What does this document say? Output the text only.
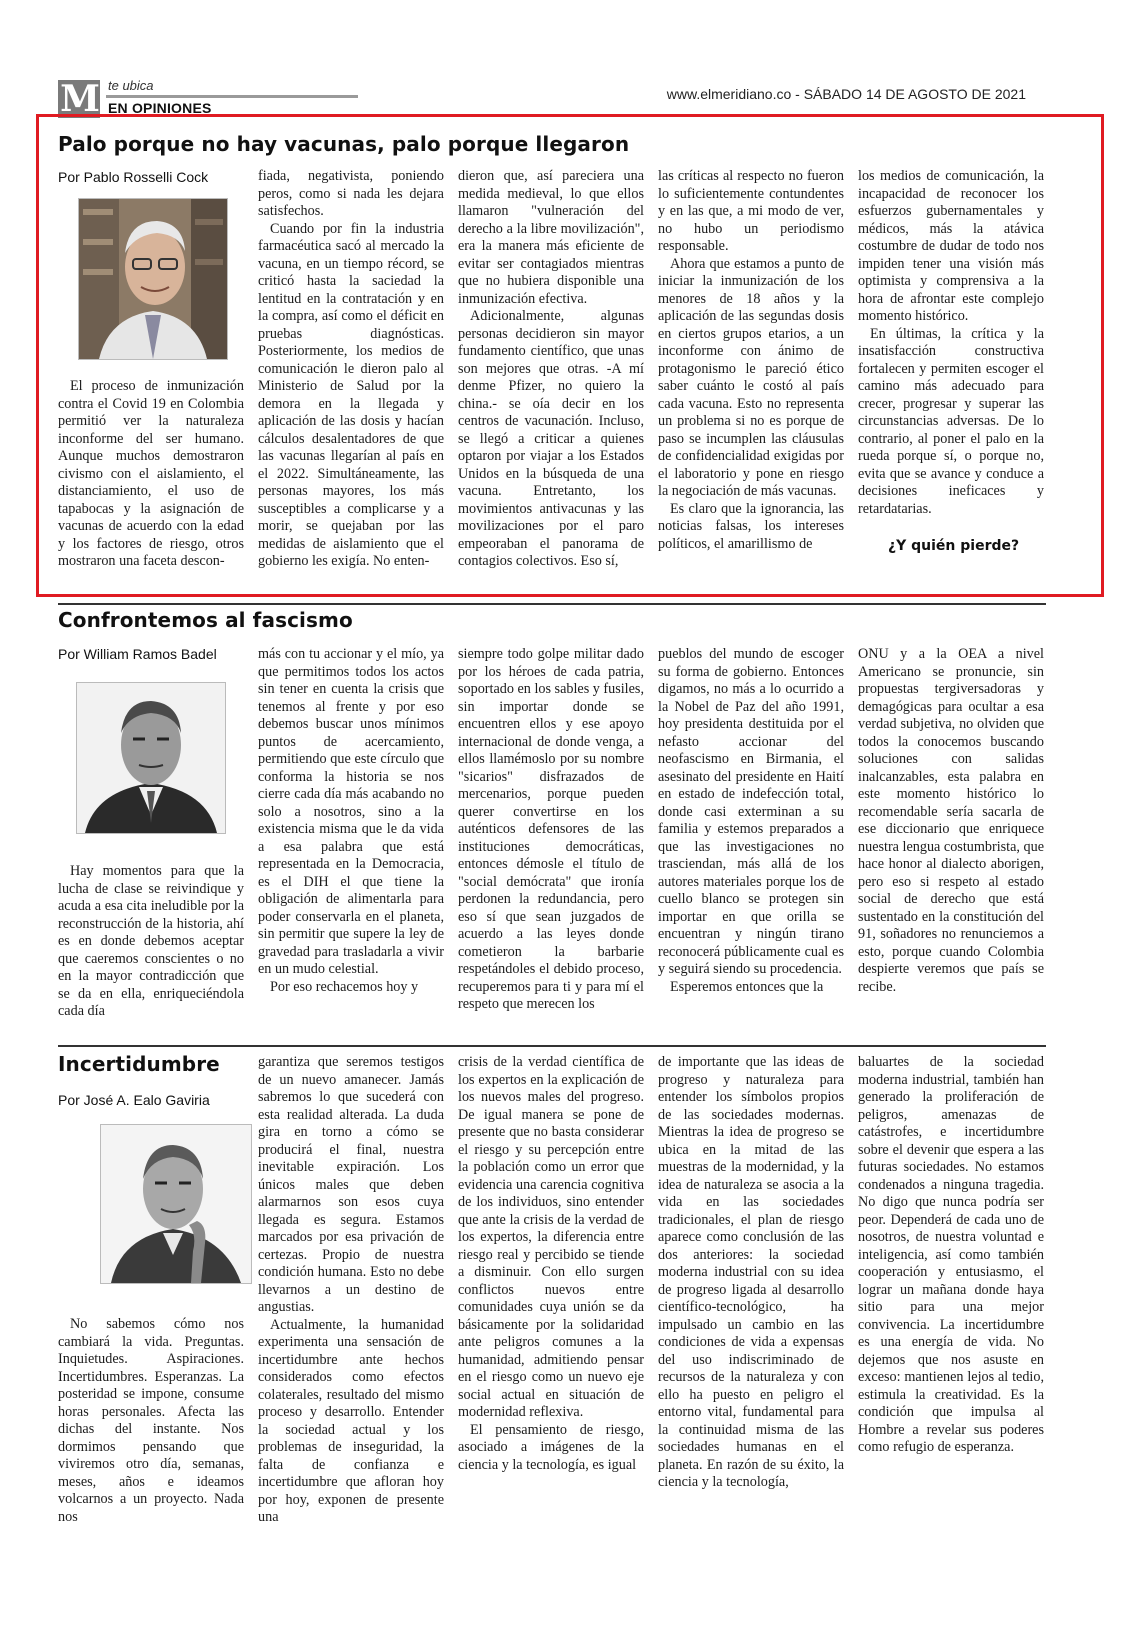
M te ubica
EN OPINIONES
www.elmeridiano.co - SÁBADO 14 DE AGOSTO DE 2021
Palo porque no hay vacunas, palo porque llegaron
Por Pablo Rosselli Cock

El proceso de inmunización contra el Covid 19 en Colombia permitió ver la naturaleza inconforme del ser humano. Aunque muchos demostraron civismo con el aislamiento, el distanciamiento, el uso de tapabocas y la asignación de vacunas de acuerdo con la edad y los factores de riesgo, otros mostraron una faceta descon-

fiada, negativista, poniendo peros, como si nada les dejara satisfechos.

Cuando por fin la industria farmacéutica sacó al mercado la vacuna, en un tiempo récord, se criticó hasta la saciedad la lentitud en la contratación y en la compra, así como el déficit en pruebas diagnósticas. Posteriormente, los medios de comunicación le dieron palo al Ministerio de Salud por la demora en la llegada y aplicación de las dosis y hacían cálculos desalentadores de que las vacunas llegarían al país en el 2022. Simultáneamente, las personas mayores, los más susceptibles a complicarse y a morir, se quejaban por las medidas de aislamiento que el gobierno les exigía. No enten-

dieron que, así pareciera una medida medieval, lo que ellos llamaron "vulneración del derecho a la libre movilización", era la manera más eficiente de evitar ser contagiados mientras que no hubiera disponible una inmunización efectiva.

Adicionalmente, algunas personas decidieron sin mayor fundamento científico, que unas son mejores que otras. -A mí denme Pfizer, no quiero la china.- se oía decir en los centros de vacunación. Incluso, se llegó a criticar a quienes optaron por viajar a los Estados Unidos en la búsqueda de una vacuna. Entretanto, los movimientos antivacunas y las movilizaciones por el paro empeoraban el panorama de contagios colectivos. Eso sí,

las críticas al respecto no fueron lo suficientemente contundentes y en las que, a mi modo de ver, no hubo un periodismo responsable.

Ahora que estamos a punto de iniciar la inmunización de los menores de 18 años y la aplicación de las segundas dosis en ciertos grupos etarios, a un inconforme con ánimo de protagonismo le pareció ético saber cuánto le costó al país cada vacuna. Esto no representa un problema si no es porque de paso se incumplen las cláusulas de confidencialidad exigidas por el laboratorio y pone en riesgo la negociación de más vacunas.

Es claro que la ignorancia, las noticias falsas, los intereses políticos, el amarillismo de

los medios de comunicación, la incapacidad de reconocer los esfuerzos gubernamentales y médicos, más la atávica costumbre de dudar de todo nos impiden tener una visión más optimista y comprensiva a la hora de afrontar este complejo momento histórico.

En últimas, la crítica y la insatisfacción constructiva fortalecen y permiten escoger el camino más adecuado para crecer, progresar y superar las circunstancias adversas. De lo contrario, al poner el palo en la rueda porque sí, o porque no, evita que se avance y conduce a decisiones ineficaces y retardatarias.

¿Y quién pierde?
Confrontemos al fascismo
Por William Ramos Badel

Hay momentos para que la lucha de clase se reivindique y acuda a esa cita ineludible por la reconstrucción de la historia, ahí es en donde debemos aceptar que caeremos conscientes o no en la mayor contradicción que se da en ella, enriqueciéndola cada día

más con tu accionar y el mío, ya que permitimos todos los actos sin tener en cuenta la crisis que tenemos al frente y por eso debemos buscar unos mínimos puntos de acercamiento, permitiendo que este círculo que conforma la historia se nos cierre cada día más acabando no solo a nosotros, sino a la existencia misma que le da vida a esa palabra que está representada en la Democracia, es el DIH el que tiene la obligación de alimentarla para poder conservarla en el planeta, sin permitir que supere la ley de gravedad para trasladarla a vivir en un mudo celestial.

Por eso rechacemos hoy y

siempre todo golpe militar dado por los héroes de cada patria, soportado en los sables y fusiles, sin importar donde se encuentren ellos y ese apoyo internacional de donde venga, a ellos llamémoslo por su nombre "sicarios" disfrazados de mercenarios, porque pueden querer convertirse en los auténticos defensores de las instituciones democráticas, entonces démosle el título de "social demócrata" que ironía perdonen la redundancia, pero eso sí que sean juzgados de acuerdo a las leyes donde cometieron la barbarie respetándoles el debido proceso, recuperemos para ti y para mí el respeto que merecen los

pueblos del mundo de escoger su forma de gobierno. Entonces digamos, no más a lo ocurrido a la Nobel de Paz del año 1991, hoy presidenta destituida por el nefasto accionar del neofascismo en Birmania, el asesinato del presidente en Haití en estado de indefección total, donde casi exterminan a su familia y estemos preparados a que las investigaciones no trasciendan, más allá de los autores materiales porque los de cuello blanco se protegen sin importar en que orilla se encuentran y ningún tirano reconocerá públicamente cual es y seguirá siendo su procedencia.

Esperemos entonces que la

ONU y a la OEA a nivel Americano se pronuncie, sin propuestas tergiversadoras y demagógicas para ocultar a esa verdad subjetiva, no olviden que todos la conocemos buscando soluciones con salidas inalcanzables, esta palabra en este momento histórico lo recomendable sería sacarla de ese diccionario que enriquece nuestra lengua costumbrista, que hace honor al dialecto aborigen, pero eso si respeto al estado social de derecho que está sustentado en la constitución del 91, soñadores no renunciemos a esto, porque cuando Colombia despierte veremos que país se recibe.

Incertidumbre
Por José A. Ealo Gaviria

No sabemos cómo nos cambiará la vida. Preguntas. Inquietudes. Aspiraciones. Incertidumbres. Esperanzas. La posteridad se impone, consume horas personales. Afecta las dichas del instante. Nos dormimos pensando que viviremos otro día, semanas, meses, años e ideamos volcarnos a un proyecto. Nada nos

garantiza que seremos testigos de un nuevo amanecer. Jamás sabremos lo que sucederá con esta realidad alterada. La duda gira en torno a cómo se producirá el final, nuestra inevitable expiración. Los únicos males que deben alarmarnos son esos cuya llegada es segura. Estamos marcados por esa privación de certezas. Propio de nuestra condición humana. Esto no debe llevarnos a un destino de angustias.

Actualmente, la humanidad experimenta una sensación de incertidumbre ante hechos considerados como efectos colaterales, resultado del mismo proceso y desarrollo. Entender la sociedad actual y los problemas de inseguridad, la falta de confianza e incertidumbre que afloran hoy por hoy, exponen de presente una

crisis de la verdad científica de los expertos en la explicación de los nuevos males del progreso. De igual manera se pone de presente que no basta considerar el riesgo y su percepción entre la población como un error que evidencia una carencia cognitiva de los individuos, sino entender que ante la crisis de la verdad de los expertos, la diferencia entre riesgo real y percibido se tiende a disminuir. Con ello surgen conflictos nuevos entre comunidades cuya unión se da básicamente por la solidaridad ante peligros comunes a la humanidad, admitiendo pensar en el riesgo como un nuevo eje social actual en situación de modernidad reflexiva.

El pensamiento de riesgo, asociado a imágenes de la ciencia y la tecnología, es igual

de importante que las ideas de progreso y naturaleza para entender los símbolos propios de las sociedades modernas. Mientras la idea de progreso se ubica en la mitad de las muestras de la modernidad, y la idea de naturaleza se asocia a la vida en las sociedades tradicionales, el plan de riesgo aparece como conclusión de las dos anteriores: la sociedad moderna industrial con su idea de progreso ligada al desarrollo científico-tecnológico, ha impulsado un cambio en las condiciones de vida a expensas del uso indiscriminado de recursos de la naturaleza y con ello ha puesto en peligro el entorno vital, fundamental para la continuidad misma de las sociedades humanas en el planeta. En razón de su éxito, la ciencia y la tecnología,

baluartes de la sociedad moderna industrial, también han generado la proliferación de peligros, amenazas de catástrofes, e incertidumbre sobre el devenir que espera a las futuras sociedades. No estamos condenados a ninguna tragedia. No digo que nunca podría ser peor. Dependerá de cada uno de nosotros, de nuestra voluntad e inteligencia, así como también cooperación y entusiasmo, el lograr un mañana donde haya sitio para una mejor convivencia. La incertidumbre es una energía de vida. No dejemos que nos asuste en exceso: mantienen lejos al tedio, estimula la creatividad. Es la condición que impulsa al Hombre a revelar sus poderes como refugio de esperanza.
